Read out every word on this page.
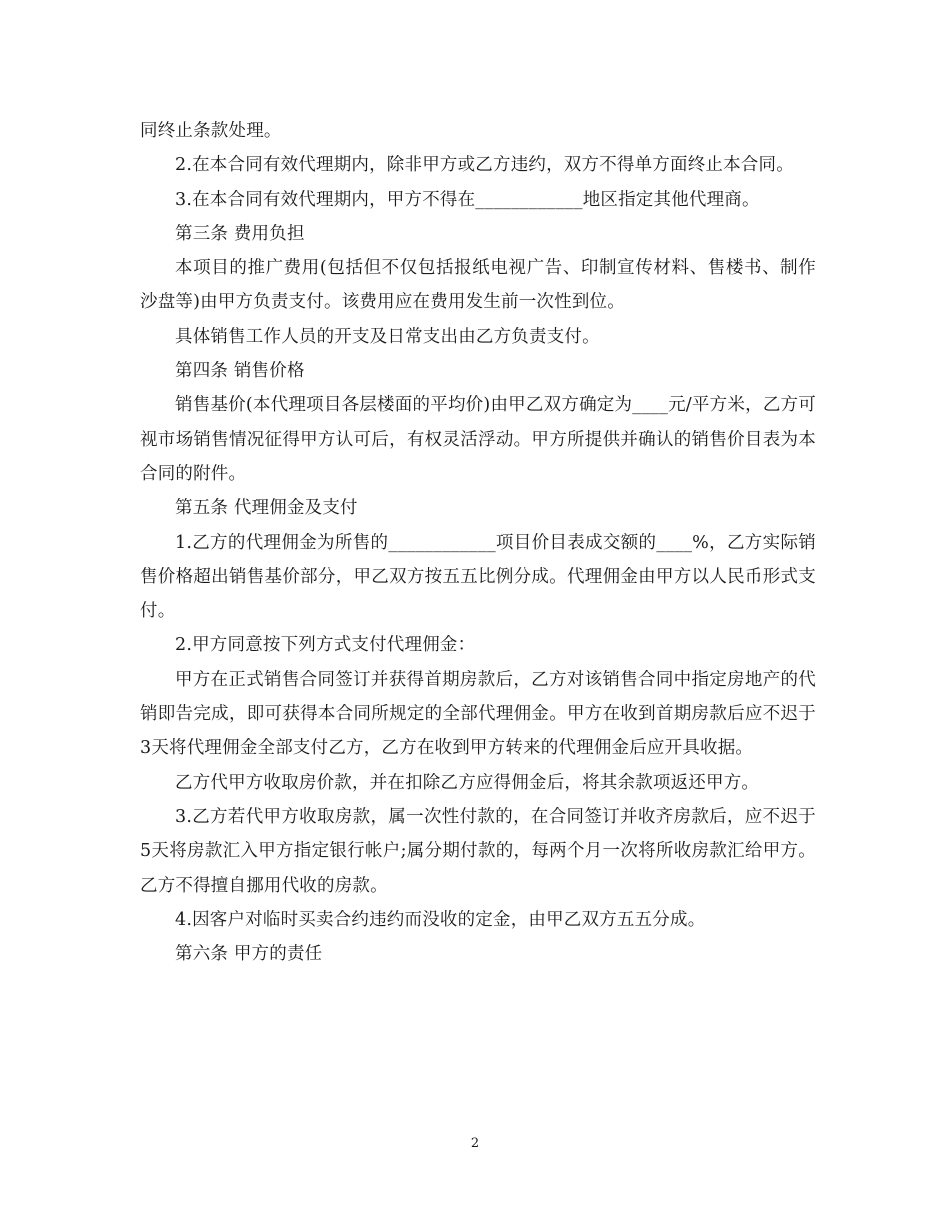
同终止条款处理。

2.在本合同有效代理期内，除非甲方或乙方违约，双方不得单方面终止本合同。

3.在本合同有效代理期内，甲方不得在____________地区指定其他代理商。

第三条 费用负担

本项目的推广费用(包括但不仅包括报纸电视广告、印制宣传材料、售楼书、制作沙盘等)由甲方负责支付。该费用应在费用发生前一次性到位。

具体销售工作人员的开支及日常支出由乙方负责支付。

第四条 销售价格

销售基价(本代理项目各层楼面的平均价)由甲乙双方确定为____元/平方米，乙方可视市场销售情况征得甲方认可后，有权灵活浮动。甲方所提供并确认的销售价目表为本合同的附件。

第五条 代理佣金及支付

1.乙方的代理佣金为所售的____________项目价目表成交额的____%，乙方实际销售价格超出销售基价部分，甲乙双方按五五比例分成。代理佣金由甲方以人民币形式支付。

2.甲方同意按下列方式支付代理佣金：

甲方在正式销售合同签订并获得首期房款后，乙方对该销售合同中指定房地产的代销即告完成，即可获得本合同所规定的全部代理佣金。甲方在收到首期房款后应不迟于3天将代理佣金全部支付乙方，乙方在收到甲方转来的代理佣金后应开具收据。

乙方代甲方收取房价款，并在扣除乙方应得佣金后，将其余款项返还甲方。

3.乙方若代甲方收取房款，属一次性付款的，在合同签订并收齐房款后，应不迟于5天将房款汇入甲方指定银行帐户;属分期付款的，每两个月一次将所收房款汇给甲方。乙方不得擅自挪用代收的房款。

4.因客户对临时买卖合约违约而没收的定金，由甲乙双方五五分成。

第六条 甲方的责任

2
